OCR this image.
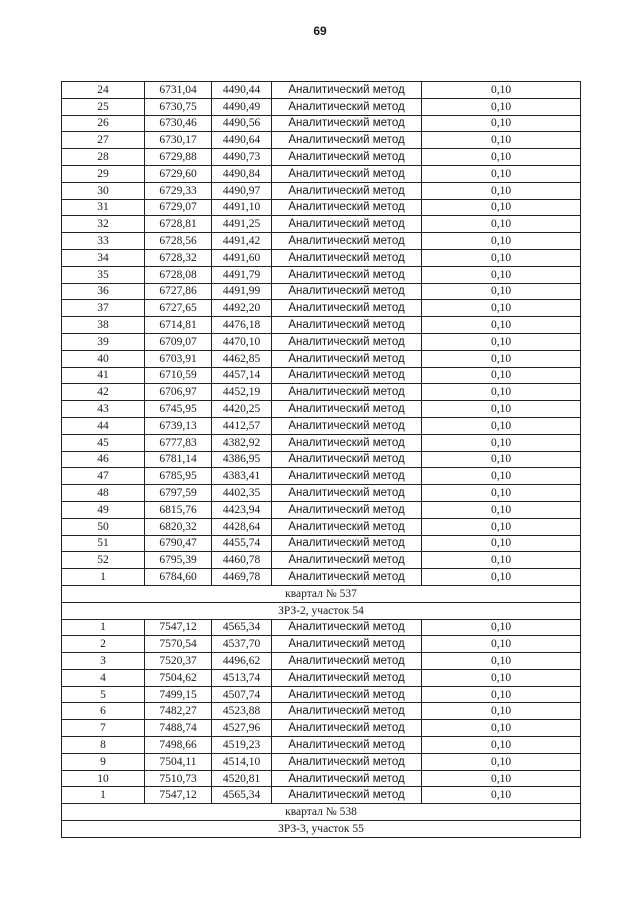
69
24	6731,04	4490,44	Аналитический метод	0,10
25	6730,75	4490,49	Аналитический метод	0,10
26	6730,46	4490,56	Аналитический метод	0,10
27	6730,17	4490,64	Аналитический метод	0,10
28	6729,88	4490,73	Аналитический метод	0,10
29	6729,60	4490,84	Аналитический метод	0,10
30	6729,33	4490,97	Аналитический метод	0,10
31	6729,07	4491,10	Аналитический метод	0,10
32	6728,81	4491,25	Аналитический метод	0,10
33	6728,56	4491,42	Аналитический метод	0,10
34	6728,32	4491,60	Аналитический метод	0,10
35	6728,08	4491,79	Аналитический метод	0,10
36	6727,86	4491,99	Аналитический метод	0,10
37	6727,65	4492,20	Аналитический метод	0,10
38	6714,81	4476,18	Аналитический метод	0,10
39	6709,07	4470,10	Аналитический метод	0,10
40	6703,91	4462,85	Аналитический метод	0,10
41	6710,59	4457,14	Аналитический метод	0,10
42	6706,97	4452,19	Аналитический метод	0,10
43	6745,95	4420,25	Аналитический метод	0,10
44	6739,13	4412,57	Аналитический метод	0,10
45	6777,83	4382,92	Аналитический метод	0,10
46	6781,14	4386,95	Аналитический метод	0,10
47	6785,95	4383,41	Аналитический метод	0,10
48	6797,59	4402,35	Аналитический метод	0,10
49	6815,76	4423,94	Аналитический метод	0,10
50	6820,32	4428,64	Аналитический метод	0,10
51	6790,47	4455,74	Аналитический метод	0,10
52	6795,39	4460,78	Аналитический метод	0,10
1	6784,60	4469,78	Аналитический метод	0,10
квартал № 537				
ЗРЗ-2, участок 54				
1	7547,12	4565,34	Аналитический метод	0,10
2	7570,54	4537,70	Аналитический метод	0,10
3	7520,37	4496,62	Аналитический метод	0,10
4	7504,62	4513,74	Аналитический метод	0,10
5	7499,15	4507,74	Аналитический метод	0,10
6	7482,27	4523,88	Аналитический метод	0,10
7	7488,74	4527,96	Аналитический метод	0,10
8	7498,66	4519,23	Аналитический метод	0,10
9	7504,11	4514,10	Аналитический метод	0,10
10	7510,73	4520,81	Аналитический метод	0,10
1	7547,12	4565,34	Аналитический метод	0,10
квартал № 538				
ЗРЗ-3, участок 55				
